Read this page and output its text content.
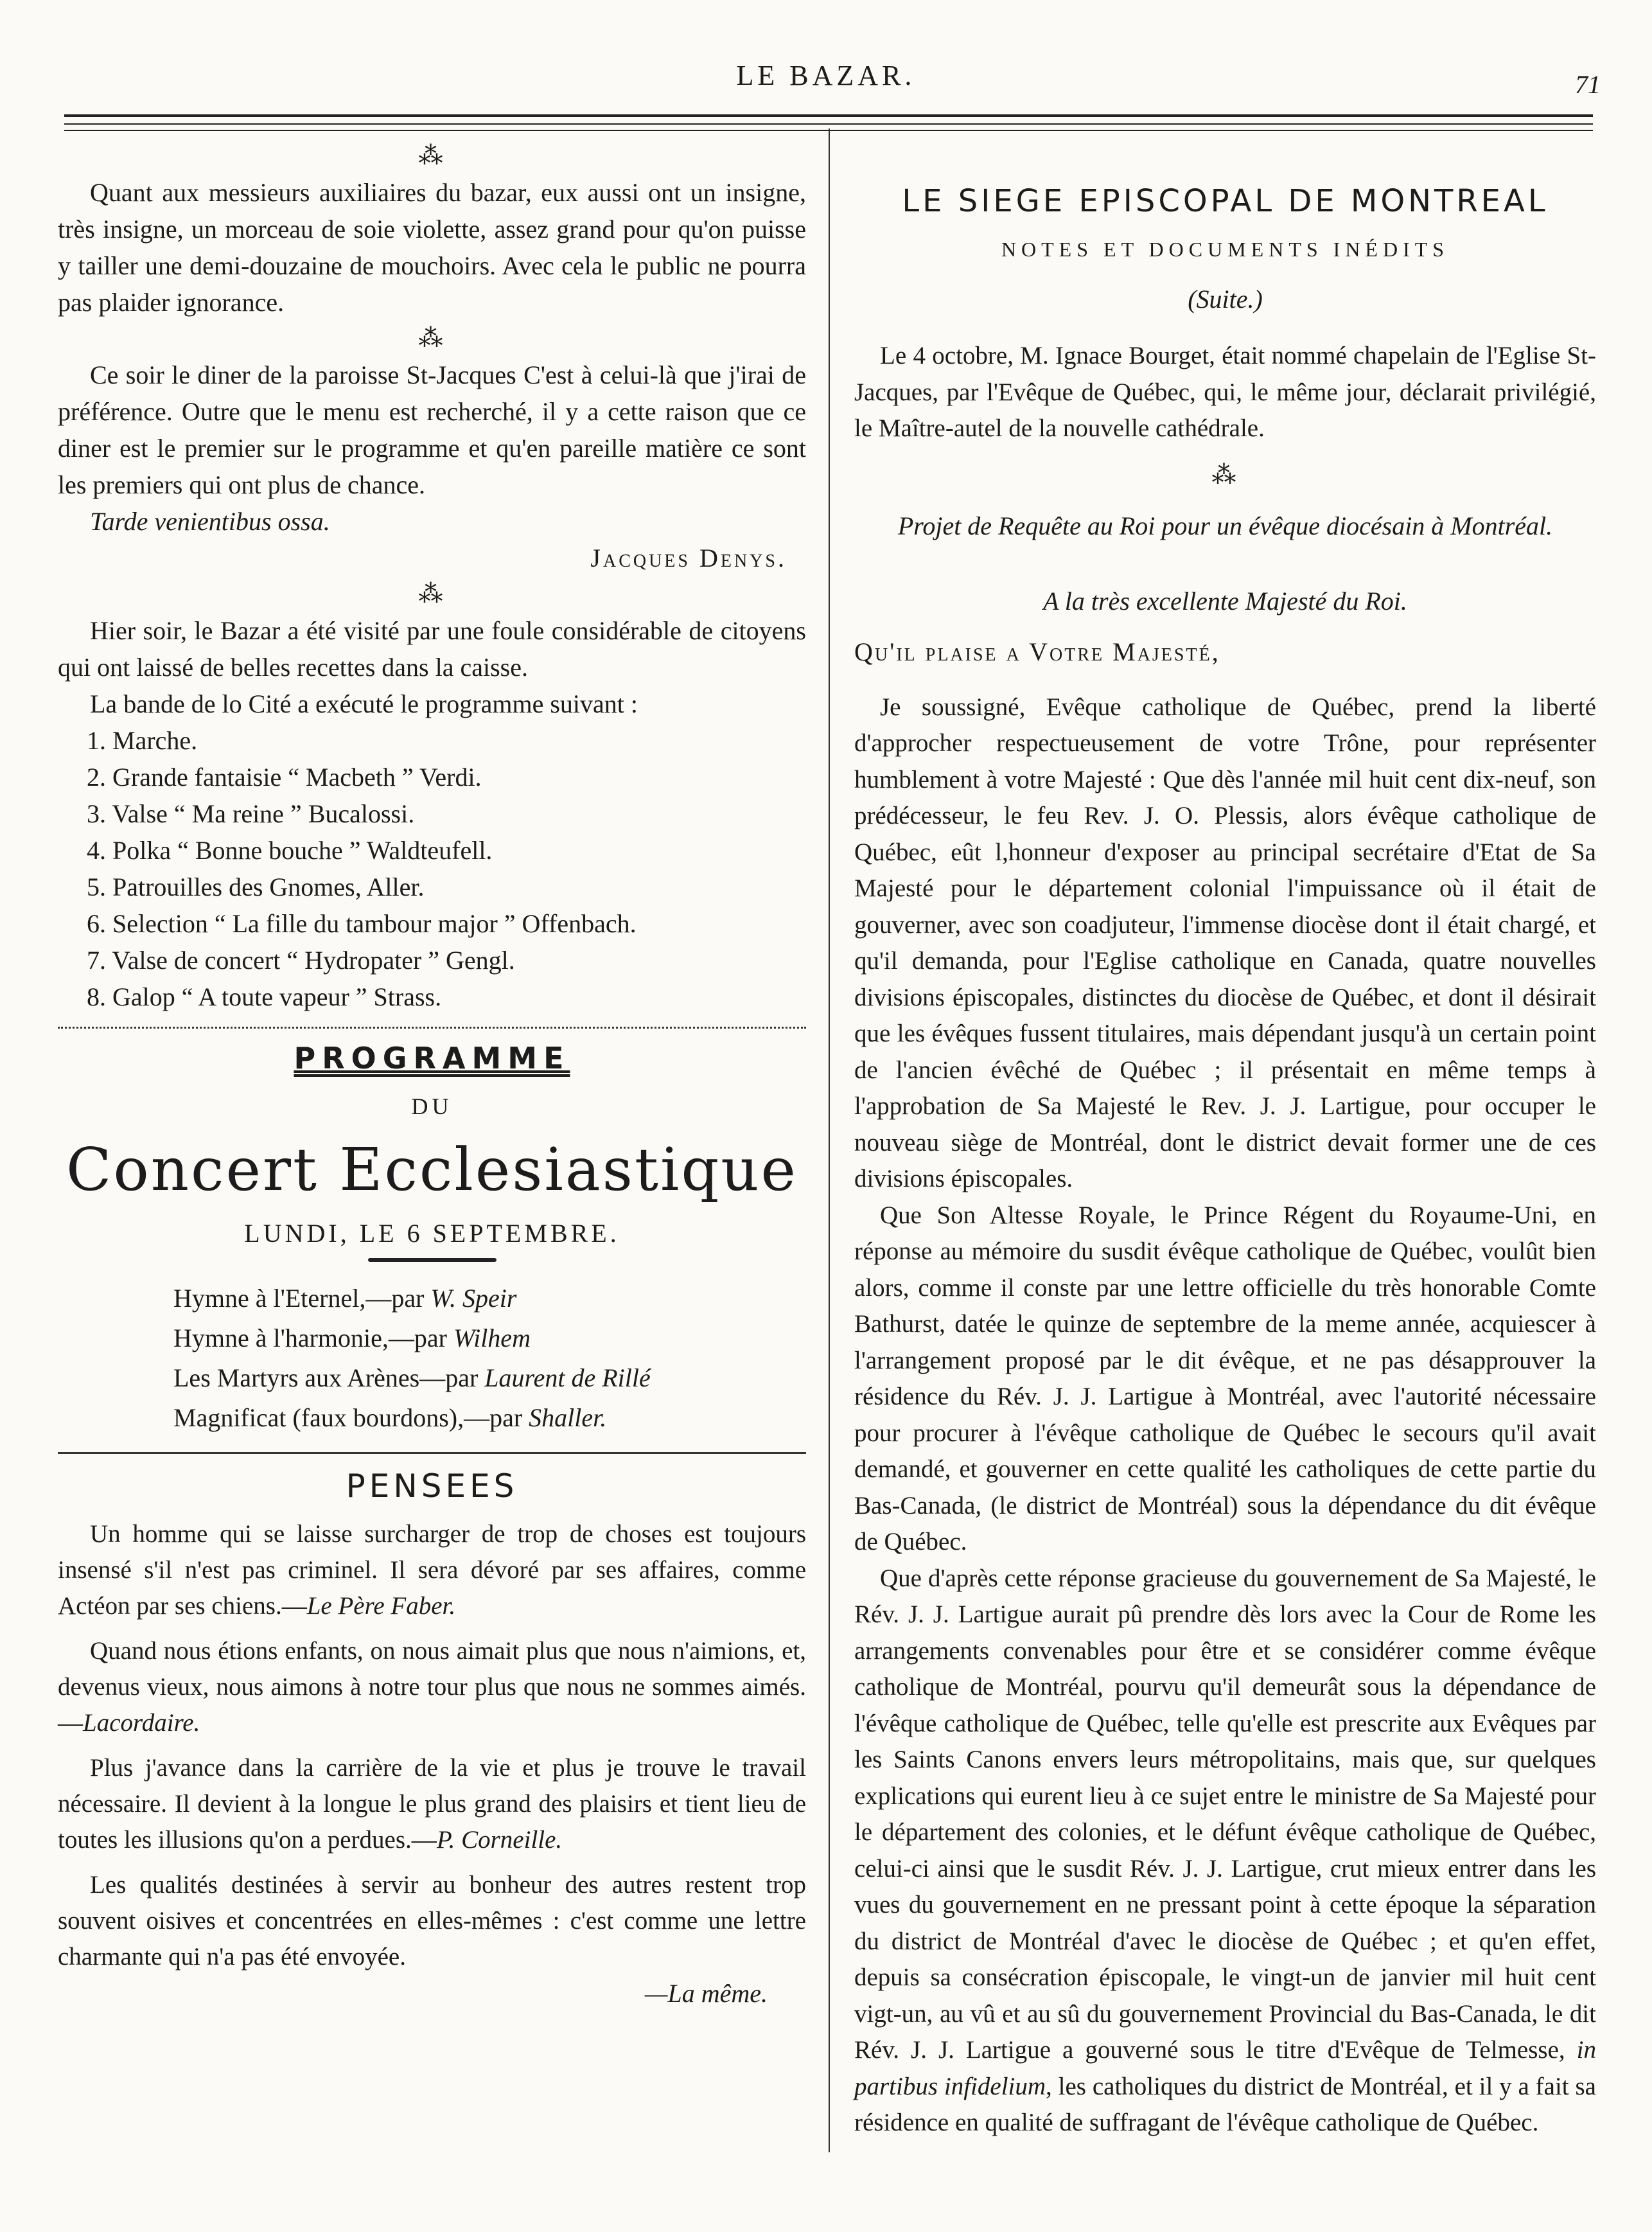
LE BAZAR.	71
⁂

Quant aux messieurs auxiliaires du bazar, eux aussi ont un insigne, très insigne, un morceau de soie violette, assez grand pour qu'on puisse y tailler une demi-douzaine de mouchoirs. Avec cela le public ne pourra pas plaider ignorance.

⁂

Ce soir le diner de la paroisse St-Jacques C'est à celui-là que j'irai de préférence. Outre que le menu est recherché, il y a cette raison que ce diner est le premier sur le programme et qu'en pareille matière ce sont les premiers qui ont plus de chance.

Tarde venientibus ossa.

Jacques Denys.
⁂

Hier soir, le Bazar a été visité par une foule considérable de citoyens qui ont laissé de belles recettes dans la caisse.

La bande de lo Cité a exécuté le programme suivant :

1. Marche.
2. Grande fantaisie “ Macbeth ” Verdi.
3. Valse “ Ma reine ” Bucalossi.
4. Polka “ Bonne bouche ” Waldteufell.
5. Patrouilles des Gnomes, Aller.
6. Selection “ La fille du tambour major ” Offenbach.
7. Valse de concert “ Hydropater ” Gengl.
8. Galop “ A toute vapeur ” Strass.
PROGRAMME
DU
Concert Ecclesiastique
LUNDI, LE 6 SEPTEMBRE.
Hymne à l'Eternel,—par W. Speir
Hymne à l'harmonie,—par Wilhem
Les Martyrs aux Arènes—par Laurent de Rillé
Magnificat (faux bourdons),—par Shaller.
PENSEES

Un homme qui se laisse surcharger de trop de choses est toujours insensé s'il n'est pas criminel. Il sera dévoré par ses affaires, comme Actéon par ses chiens.—Le Père Faber.

Quand nous étions enfants, on nous aimait plus que nous n'aimions, et, devenus vieux, nous aimons à notre tour plus que nous ne sommes aimés.—Lacordaire.

Plus j'avance dans la carrière de la vie et plus je trouve le travail nécessaire. Il devient à la longue le plus grand des plaisirs et tient lieu de toutes les illusions qu'on a perdues.—P. Corneille.

Les qualités destinées à servir au bonheur des autres restent trop souvent oisives et concentrées en elles-mêmes : c'est comme une lettre charmante qui n'a pas été envoyée.

—La même.
LE SIEGE EPISCOPAL DE MONTREAL
NOTES ET DOCUMENTS INÉDITS
(Suite.)

Le 4 octobre, M. Ignace Bourget, était nommé chapelain de l'Eglise St-Jacques, par l'Evêque de Québec, qui, le même jour, déclarait privilégié, le Maître-autel de la nouvelle cathédrale.

⁂
Projet de Requête au Roi pour un évêque diocésain à Montréal.
A la très excellente Majesté du Roi.
Qu'il plaise a Votre Majesté,

Je soussigné, Evêque catholique de Québec, prend la liberté d'approcher respectueusement de votre Trône, pour représenter humblement à votre Majesté : Que dès l'année mil huit cent dix-neuf, son prédécesseur, le feu Rev. J. O. Plessis, alors évêque catholique de Québec, eût l,honneur d'exposer au principal secrétaire d'Etat de Sa Majesté pour le département colonial l'impuissance où il était de gouverner, avec son coadjuteur, l'immense diocèse dont il était chargé, et qu'il demanda, pour l'Eglise catholique en Canada, quatre nouvelles divisions épiscopales, distinctes du diocèse de Québec, et dont il désirait que les évêques fussent titulaires, mais dépendant jusqu'à un certain point de l'ancien évêché de Québec ; il présentait en même temps à l'approbation de Sa Majesté le Rev. J. J. Lartigue, pour occuper le nouveau siège de Montréal, dont le district devait former une de ces divisions épiscopales.

Que Son Altesse Royale, le Prince Régent du Royaume-Uni, en réponse au mémoire du susdit évêque catholique de Québec, voulût bien alors, comme il conste par une lettre officielle du très honorable Comte Bathurst, datée le quinze de septembre de la meme année, acquiescer à l'arrangement proposé par le dit évêque, et ne pas désapprouver la résidence du Rév. J. J. Lartigue à Montréal, avec l'autorité nécessaire pour procurer à l'évêque catholique de Québec le secours qu'il avait demandé, et gouverner en cette qualité les catholiques de cette partie du Bas-Canada, (le district de Montréal) sous la dépendance du dit évêque de Québec.

Que d'après cette réponse gracieuse du gouvernement de Sa Majesté, le Rév. J. J. Lartigue aurait pû prendre dès lors avec la Cour de Rome les arrangements convenables pour être et se considérer comme évêque catholique de Montréal, pourvu qu'il demeurât sous la dépendance de l'évêque catholique de Québec, telle qu'elle est prescrite aux Evêques par les Saints Canons envers leurs métropolitains, mais que, sur quelques explications qui eurent lieu à ce sujet entre le ministre de Sa Majesté pour le département des colonies, et le défunt évêque catholique de Québec, celui-ci ainsi que le susdit Rév. J. J. Lartigue, crut mieux entrer dans les vues du gouvernement en ne pressant point à cette époque la séparation du district de Montréal d'avec le diocèse de Québec ; et qu'en effet, depuis sa consécration épiscopale, le vingt-un de janvier mil huit cent vigt-un, au vû et au sû du gouvernement Provincial du Bas-Canada, le dit Rév. J. J. Lartigue a gouverné sous le titre d'Evêque de Telmesse, in partibus infidelium, les catholiques du district de Montréal, et il y a fait sa résidence en qualité de suffragant de l'évêque catholique de Québec.
